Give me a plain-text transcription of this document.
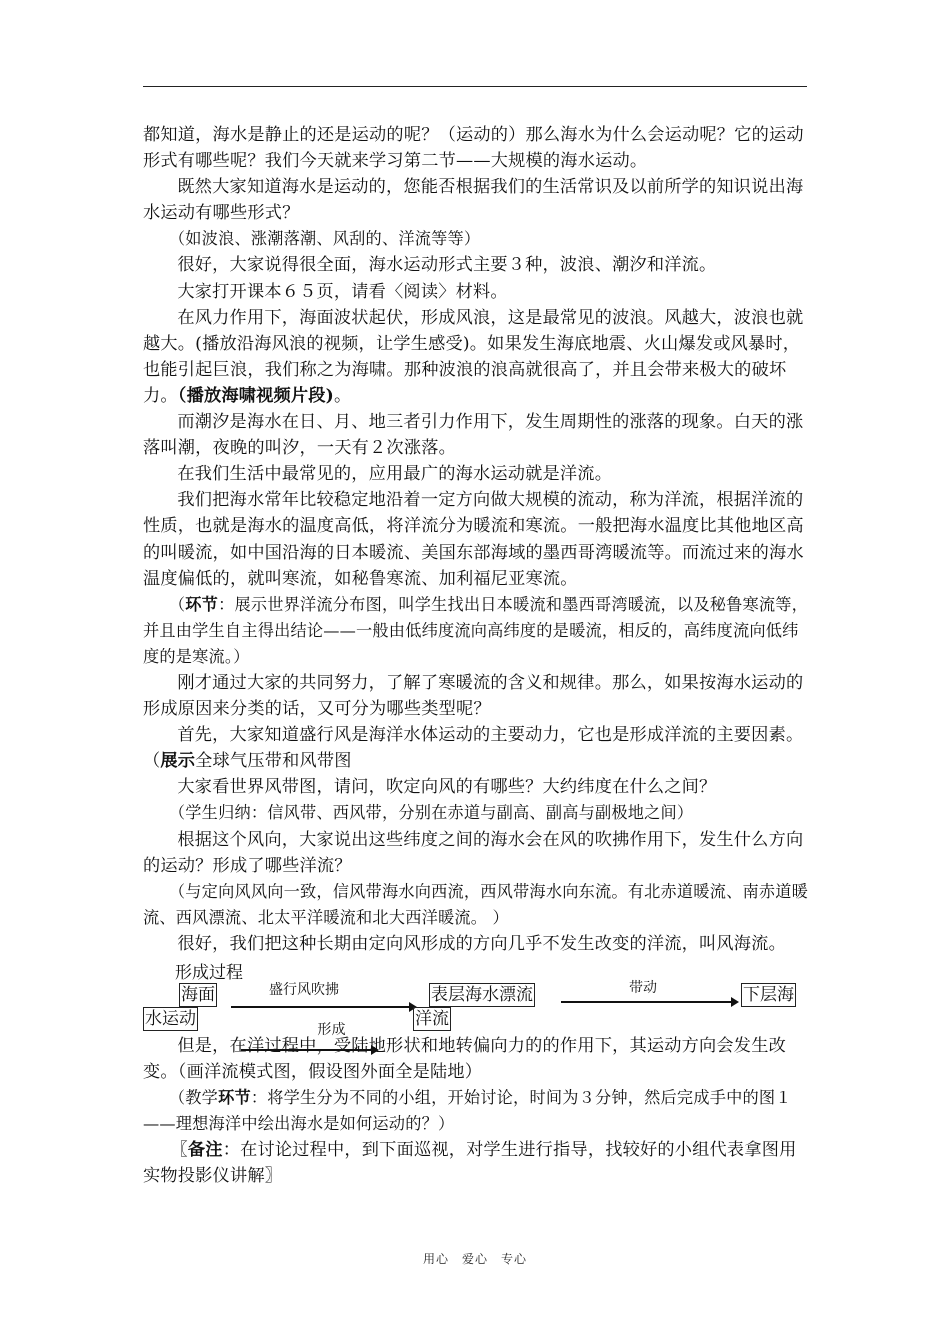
都知道，海水是静止的还是运动的呢？（运动的）那么海水为什么会运动呢？它的运动形式有哪些呢？我们今天就来学习第二节——大规模的海水运动。

既然大家知道海水是运动的，您能否根据我们的生活常识及以前所学的知识说出海水运动有哪些形式？

（如波浪、涨潮落潮、风刮的、洋流等等）

很好，大家说得很全面，海水运动形式主要３种，波浪、潮汐和洋流。

大家打开课本６５页，请看〈阅读〉材料。

在风力作用下，海面波状起伏，形成风浪，这是最常见的波浪。风越大，波浪也就越大。(播放沿海风浪的视频，让学生感受)。如果发生海底地震、火山爆发或风暴时，也能引起巨浪，我们称之为海啸。那种波浪的浪高就很高了，并且会带来极大的破坏力。（播放海啸视频片段)。

而潮汐是海水在日、月、地三者引力作用下，发生周期性的涨落的现象。白天的涨落叫潮，夜晚的叫汐，一天有２次涨落。

在我们生活中最常见的，应用最广的海水运动就是洋流。

我们把海水常年比较稳定地沿着一定方向做大规模的流动，称为洋流，根据洋流的性质，也就是海水的温度高低，将洋流分为暖流和寒流。一般把海水温度比其他地区高的叫暖流，如中国沿海的日本暖流、美国东部海域的墨西哥湾暖流等。而流过来的海水温度偏低的，就叫寒流，如秘鲁寒流、加利福尼亚寒流。

（环节：展示世界洋流分布图，叫学生找出日本暖流和墨西哥湾暖流，以及秘鲁寒流等，并且由学生自主得出结论——一般由低纬度流向高纬度的是暖流，相反的，高纬度流向低纬度的是寒流。）

刚才通过大家的共同努力，了解了寒暖流的含义和规律。那么，如果按海水运动的形成原因来分类的话，又可分为哪些类型呢？

首先，大家知道盛行风是海洋水体运动的主要动力，它也是形成洋流的主要因素。（展示全球气压带和风带图

大家看世界风带图，请问，吹定向风的有哪些？大约纬度在什么之间？

（学生归纳：信风带、西风带，分别在赤道与副高、副高与副极地之间）

根据这个风向，大家说出这些纬度之间的海水会在风的吹拂作用下，发生什么方向的运动？形成了哪些洋流？

（与定向风风向一致，信风带海水向西流，西风带海水向东流。有北赤道暖流、南赤道暖流、西风漂流、北太平洋暖流和北大西洋暖流。 ）

很好，我们把这种长期由定向风形成的方向几乎不发生改变的洋流，叫风海流。

形成过程
海面
水运动
盛行风吹拂	表层海水漂流
洋流
带动	下层海

但是，在洋
形成
过程中，受陆地形状和地转偏向力的的作用下，其运动方向会发生改变。（画洋流模式图，假设图外面全是陆地）

（教学环节：将学生分为不同的小组，开始讨论，时间为３分钟，然后完成手中的图１——理想海洋中绘出海水是如何运动的？）

〖备注：在讨论过程中，到下面巡视，对学生进行指导，找较好的小组代表拿图用实物投影仪讲解〗

用心　爱心　专心
